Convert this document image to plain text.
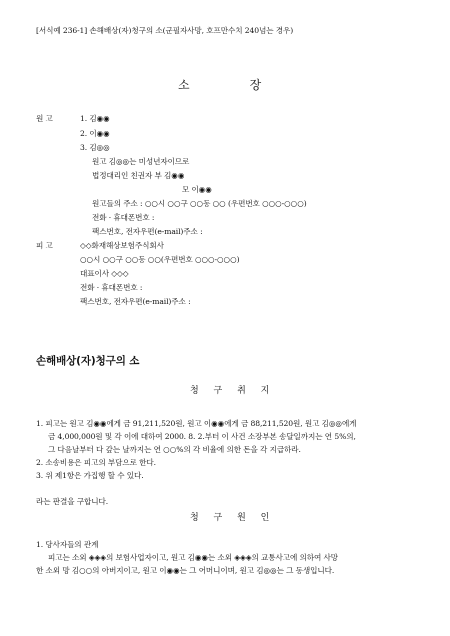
[서식예 236-1] 손해배상(자)청구의 소(군필자사망, 호프만수치 240넘는 경우)
소	장
원 고	1. 김◉◉
2. 이◉◉
3. 김◎◎
원고 김◎◎는 미성년자이므로
법정대리인 친권자 부 김◉◉
모 이◉◉
원고들의 주소 : ○○시 ○○구 ○○동 ○○ (우편번호 ○○○-○○○)
전화 · 휴대폰번호 :
팩스번호, 전자우편(e-mail)주소 :
피 고	◇◇화재해상보험주식회사
○○시 ○○구 ○○동 ○○(우편번호 ○○○-○○○)
대표이사 ◇◇◇
전화 · 휴대폰번호 :
팩스번호, 전자우편(e-mail)주소 :
손해배상(자)청구의 소
청 구 취 지
1. 피고는 원고 김◉◉에게 금 91,211,520원, 원고 이◉◉에게 금 88,211,520원, 원고 김◎◎에게
금 4,000,000원 및 각 이에 대하여 2000. 8. 2.부터 이 사건 소장부본 송달일까지는 연 5%의,
그 다음날부터 다 갚는 날까지는 연 ○○%의 각 비율에 의한 돈을 각 지급하라.
2. 소송비용은 피고의 부담으로 한다.
3. 위 제1항은 가집행 할 수 있다.
라는 판결을 구합니다.
청 구 원 인
1. 당사자들의 관계
피고는 소외 ◈◈◈의 보험사업자이고, 원고 김◉◉는 소외 ◈◈◈의 교통사고에 의하여 사망
한 소외 망 김○○의 아버지이고, 원고 이◉◉는 그 어머니이며, 원고 김◎◎는 그 동생입니다.
